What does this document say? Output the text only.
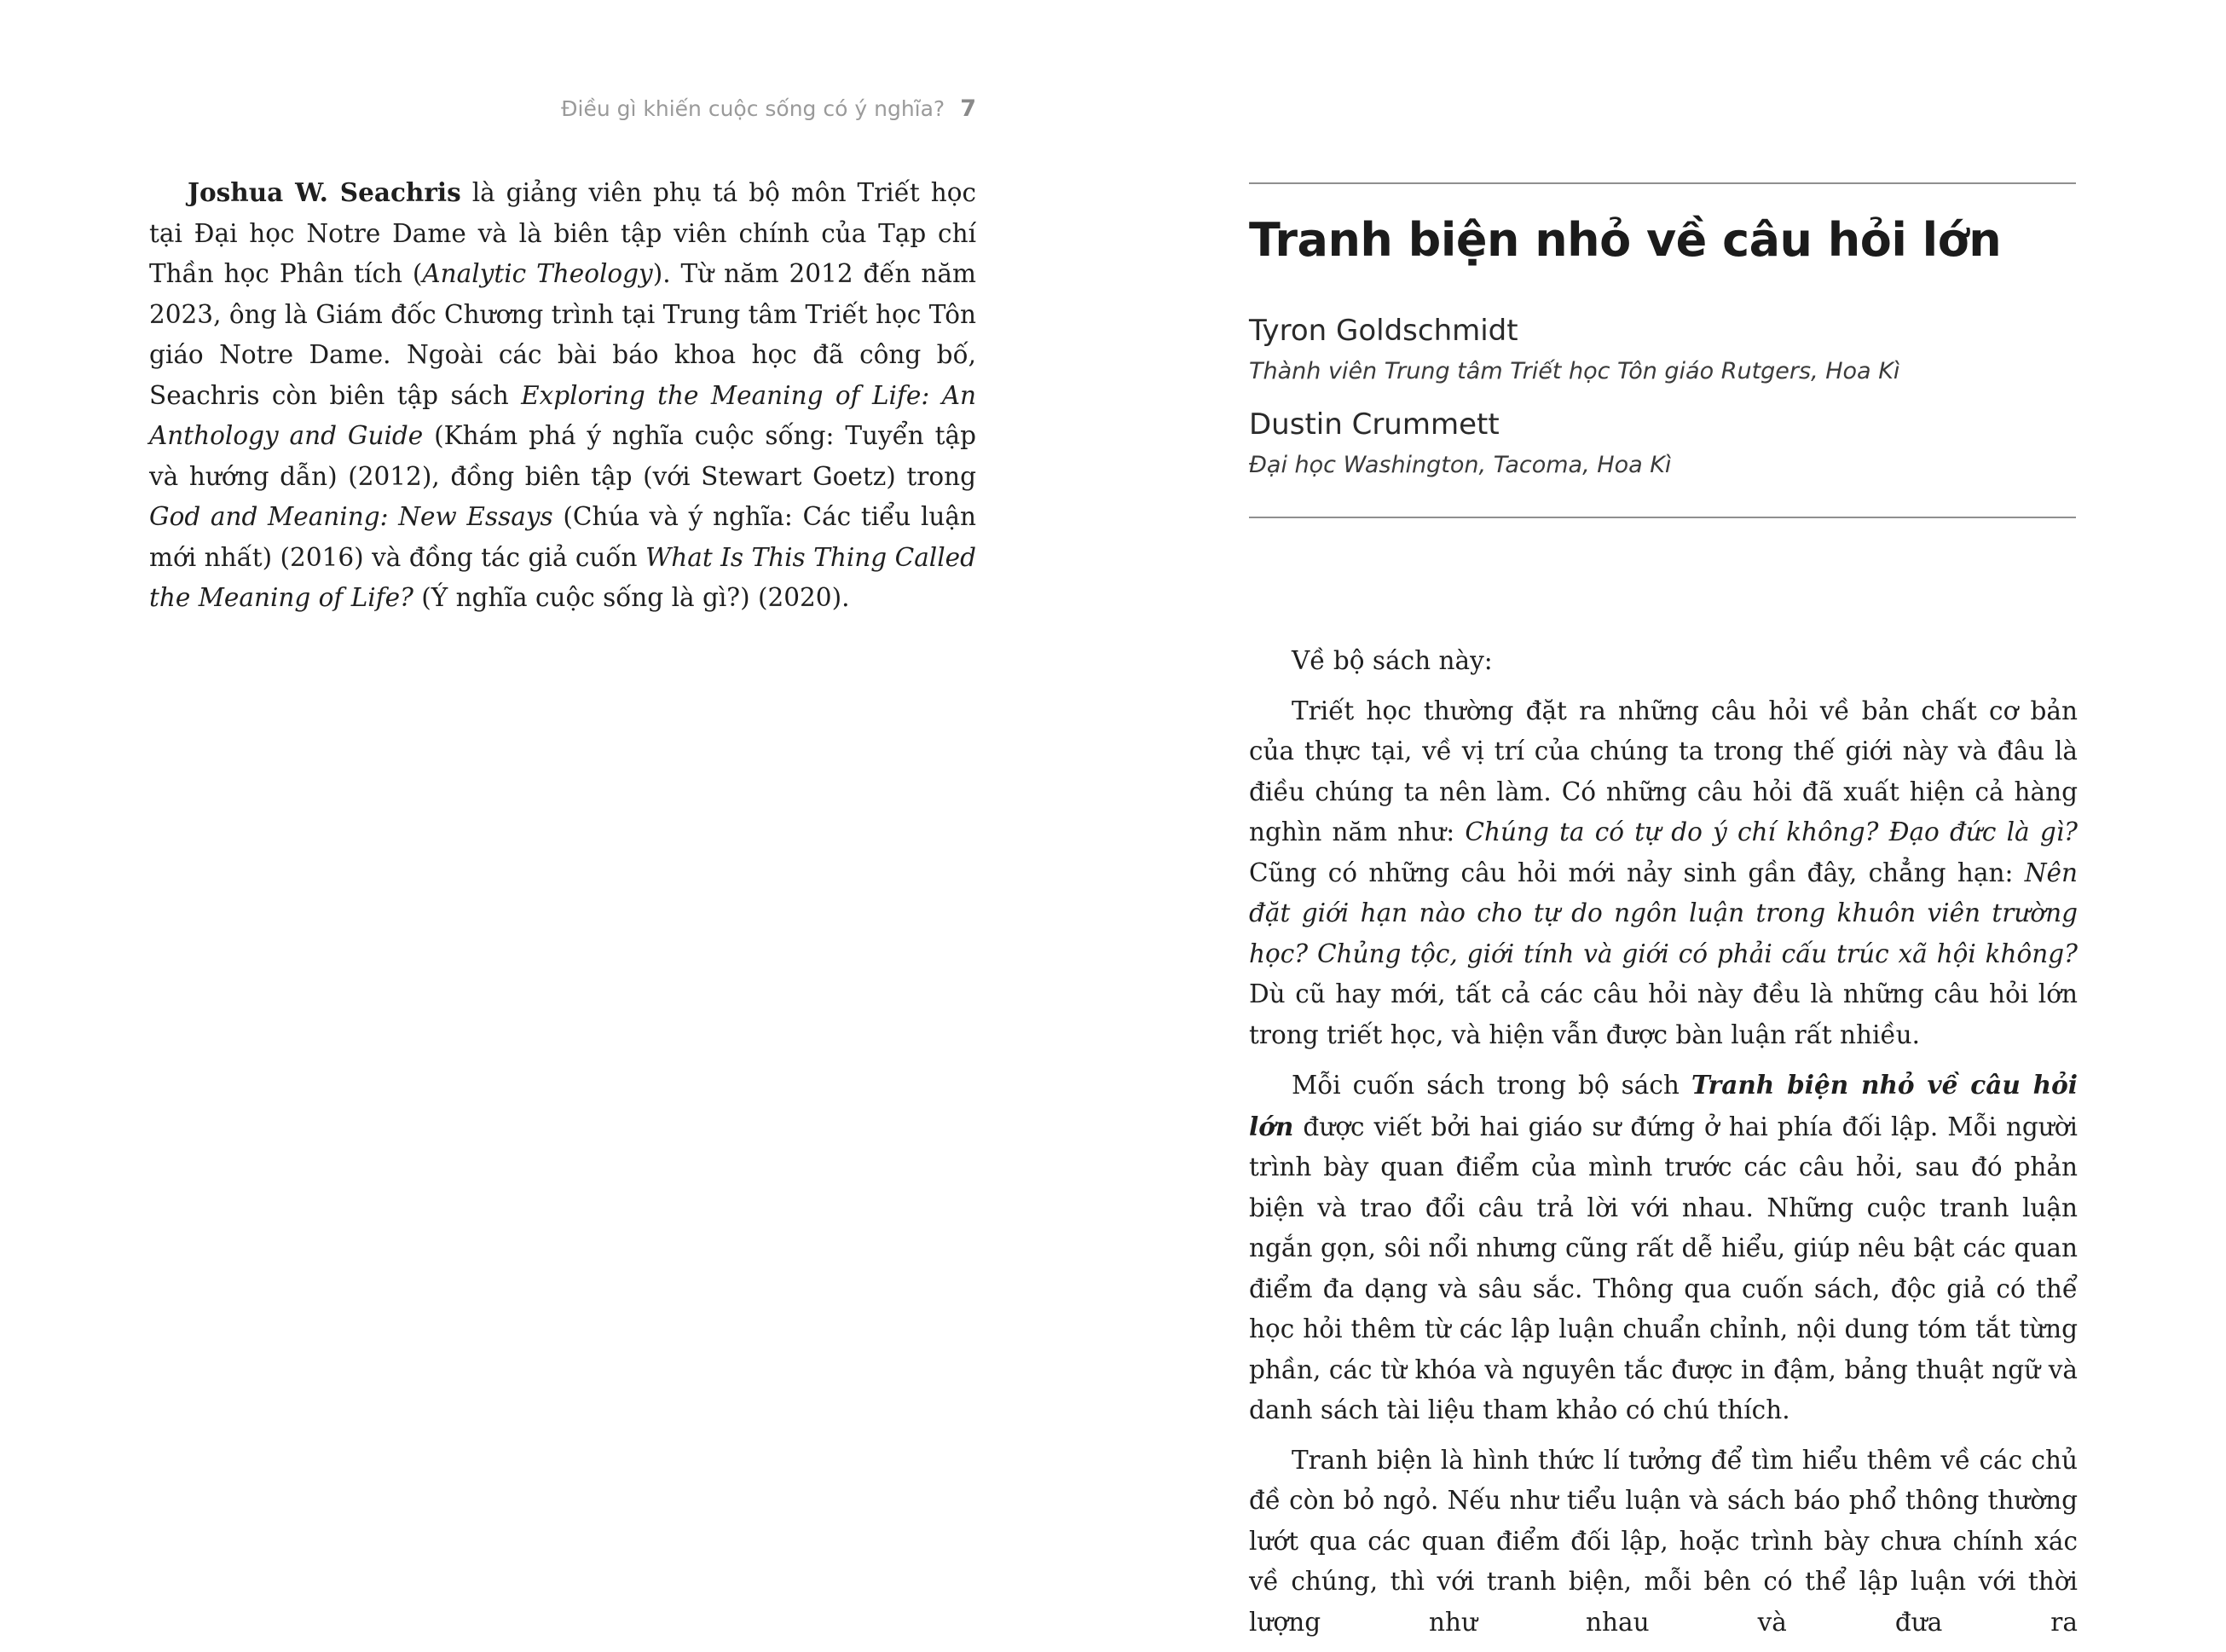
Điều gì khiến cuộc sống có ý nghĩa? 7

Joshua W. Seachris là giảng viên phụ tá bộ môn Triết học tại Đại học Notre Dame và là biên tập viên chính của Tạp chí Thần học Phân tích (Analytic Theology). Từ năm 2012 đến năm 2023, ông là Giám đốc Chương trình tại Trung tâm Triết học Tôn giáo Notre Dame. Ngoài các bài báo khoa học đã công bố, Seachris còn biên tập sách Exploring the Meaning of Life: An Anthology and Guide (Khám phá ý nghĩa cuộc sống: Tuyển tập và hướng dẫn) (2012), đồng biên tập (với Stewart Goetz) trong God and Meaning: New Essays (Chúa và ý nghĩa: Các tiểu luận mới nhất) (2016) và đồng tác giả cuốn What Is This Thing Called the Meaning of Life? (Ý nghĩa cuộc sống là gì?) (2020).

Tranh biện nhỏ về câu hỏi lớn

Tyron Goldschmidt

Thành viên Trung tâm Triết học Tôn giáo Rutgers, Hoa Kì

Dustin Crummett

Đại học Washington, Tacoma, Hoa Kì

Về bộ sách này:

Triết học thường đặt ra những câu hỏi về bản chất cơ bản của thực tại, về vị trí của chúng ta trong thế giới này và đâu là điều chúng ta nên làm. Có những câu hỏi đã xuất hiện cả hàng nghìn năm như: Chúng ta có tự do ý chí không? Đạo đức là gì? Cũng có những câu hỏi mới nảy sinh gần đây, chẳng hạn: Nên đặt giới hạn nào cho tự do ngôn luận trong khuôn viên trường học? Chủng tộc, giới tính và giới có phải cấu trúc xã hội không? Dù cũ hay mới, tất cả các câu hỏi này đều là những câu hỏi lớn trong triết học, và hiện vẫn được bàn luận rất nhiều.

Mỗi cuốn sách trong bộ sách Tranh biện nhỏ về câu hỏi lớn được viết bởi hai giáo sư đứng ở hai phía đối lập. Mỗi người trình bày quan điểm của mình trước các câu hỏi, sau đó phản biện và trao đổi câu trả lời với nhau. Những cuộc tranh luận ngắn gọn, sôi nổi nhưng cũng rất dễ hiểu, giúp nêu bật các quan điểm đa dạng và sâu sắc. Thông qua cuốn sách, độc giả có thể học hỏi thêm từ các lập luận chuẩn chỉnh, nội dung tóm tắt từng phần, các từ khóa và nguyên tắc được in đậm, bảng thuật ngữ và danh sách tài liệu tham khảo có chú thích.

Tranh biện là hình thức lí tưởng để tìm hiểu thêm về các chủ đề còn bỏ ngỏ. Nếu như tiểu luận và sách báo phổ thông thường lướt qua các quan điểm đối lập, hoặc trình bày chưa chính xác về chúng, thì với tranh biện, mỗi bên có thể lập luận với thời lượng như nhau và đưa ra
